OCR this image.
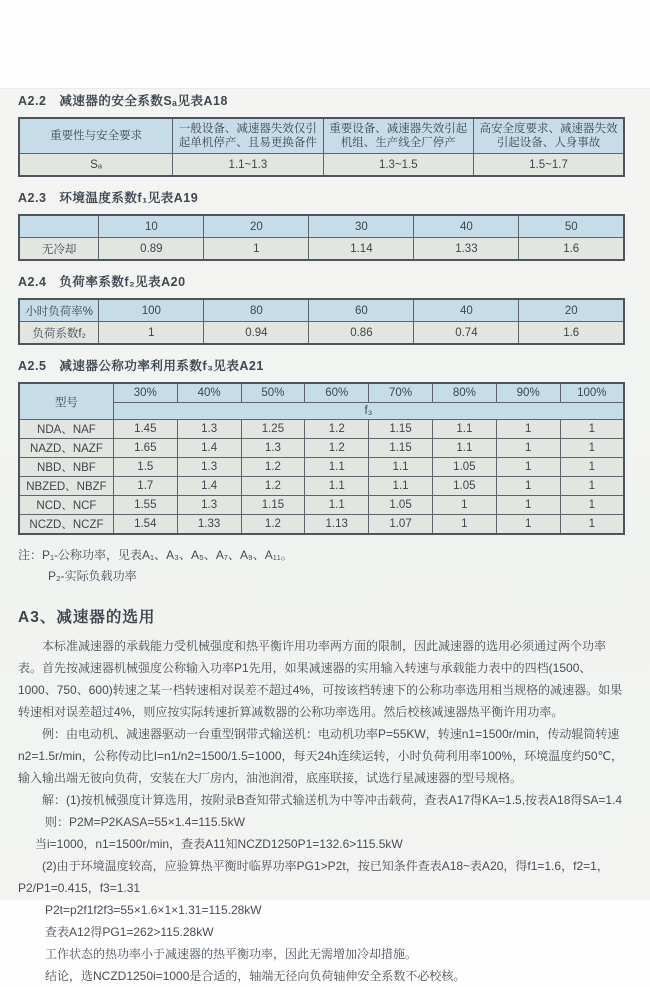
A2.2　减速器的安全系数Sₐ见表A18
重要性与安全要求	一般设备、减速器失效仅引起单机停产、且易更换备件	重要设备、减速器失效引起机组、生产线全厂停产	高安全度要求、减速器失效引起设备、人身事故
Sₐ	1.1~1.3	1.3~1.5	1.5~1.7
A2.3　环境温度系数f₁见表A19
	10	20	30	40	50
无冷却	0.89	1	1.14	1.33	1.6
A2.4　负荷率系数f₂见表A20
小时负荷率%	100	80	60	40	20
负荷系数f₂	1	0.94	0.86	0.74	1.6
A2.5　减速器公称功率利用系数f₃见表A21
型号	30%	40%	50%	60%	70%	80%	90%	100%
	f₃							
NDA、NAF	1.45	1.3	1.25	1.2	1.15	1.1	1	1
NAZD、NAZF	1.65	1.4	1.3	1.2	1.15	1.1	1	1
NBD、NBF	1.5	1.3	1.2	1.1	1.1	1.05	1	1
NBZED、NBZF	1.7	1.4	1.2	1.1	1.1	1.05	1	1
NCD、NCF	1.55	1.3	1.15	1.1	1.05	1	1	1
NCZD、NCZF	1.54	1.33	1.2	1.13	1.07	1	1	1

注：P₁-公称功率，见表A₁、A₃、A₅、A₇、A₉、A₁₁。

P₂-实际负载功率

A3、减速器的选用

本标准减速器的承载能力受机械强度和热平衡许用功率两方面的限制，因此减速器的选用必须通过两个功率表。首先按减速器机械强度公称输入功率P1先用，如果减速器的实用输入转速与承载能力表中的四档(1500、1000、750、600)转速之某一档转速相对误差不超过4%，可按该档转速下的公称功率选用相当规格的减速器。如果转速相对误差超过4%，则应按实际转速折算减数器的公称功率选用。然后校核减速器热平衡许用功率。

例：由电动机、减速器驱动一台重型钢带式输送机：电动机功率P=55KW，转速n1=1500r/min，传动辊筒转速n2=1.5r/min，公称传动比I=n1/n2=1500/1.5=1000，每天24h连续运转，小时负荷利用率100%，环境温度约50℃，输入输出端无彼向负荷，安装在大厂房内，油池润滑，底座联接，试选行星减速器的型号规格。

解：(1)按机械强度计算选用，按附录B查知带式输送机为中等冲击载荷，查表A17得KA=1.5,按表A18得SA=1.4

则：P2M=P2KASA=55×1.4=115.5kW

当i=1000，n1=1500r/min，查表A11知NCZD1250P1=132.6>115.5kW

(2)由于环境温度较高，应验算热平衡时临界功率PG1>P2t，按已知条件查表A18~表A20，得f1=1.6，f2=1，

P2/P1=0.415，f3=1.31

P2t=p2f1f2f3=55×1.6×1×1.31=115.28kW

查表A12得PG1=262>115.28kW

工作状态的热功率小于减速器的热平衡功率，因此无需增加冷却措施。

结论，选NCZD1250i=1000是合适的，轴端无径向负荷轴伸安全系数不必校核。
